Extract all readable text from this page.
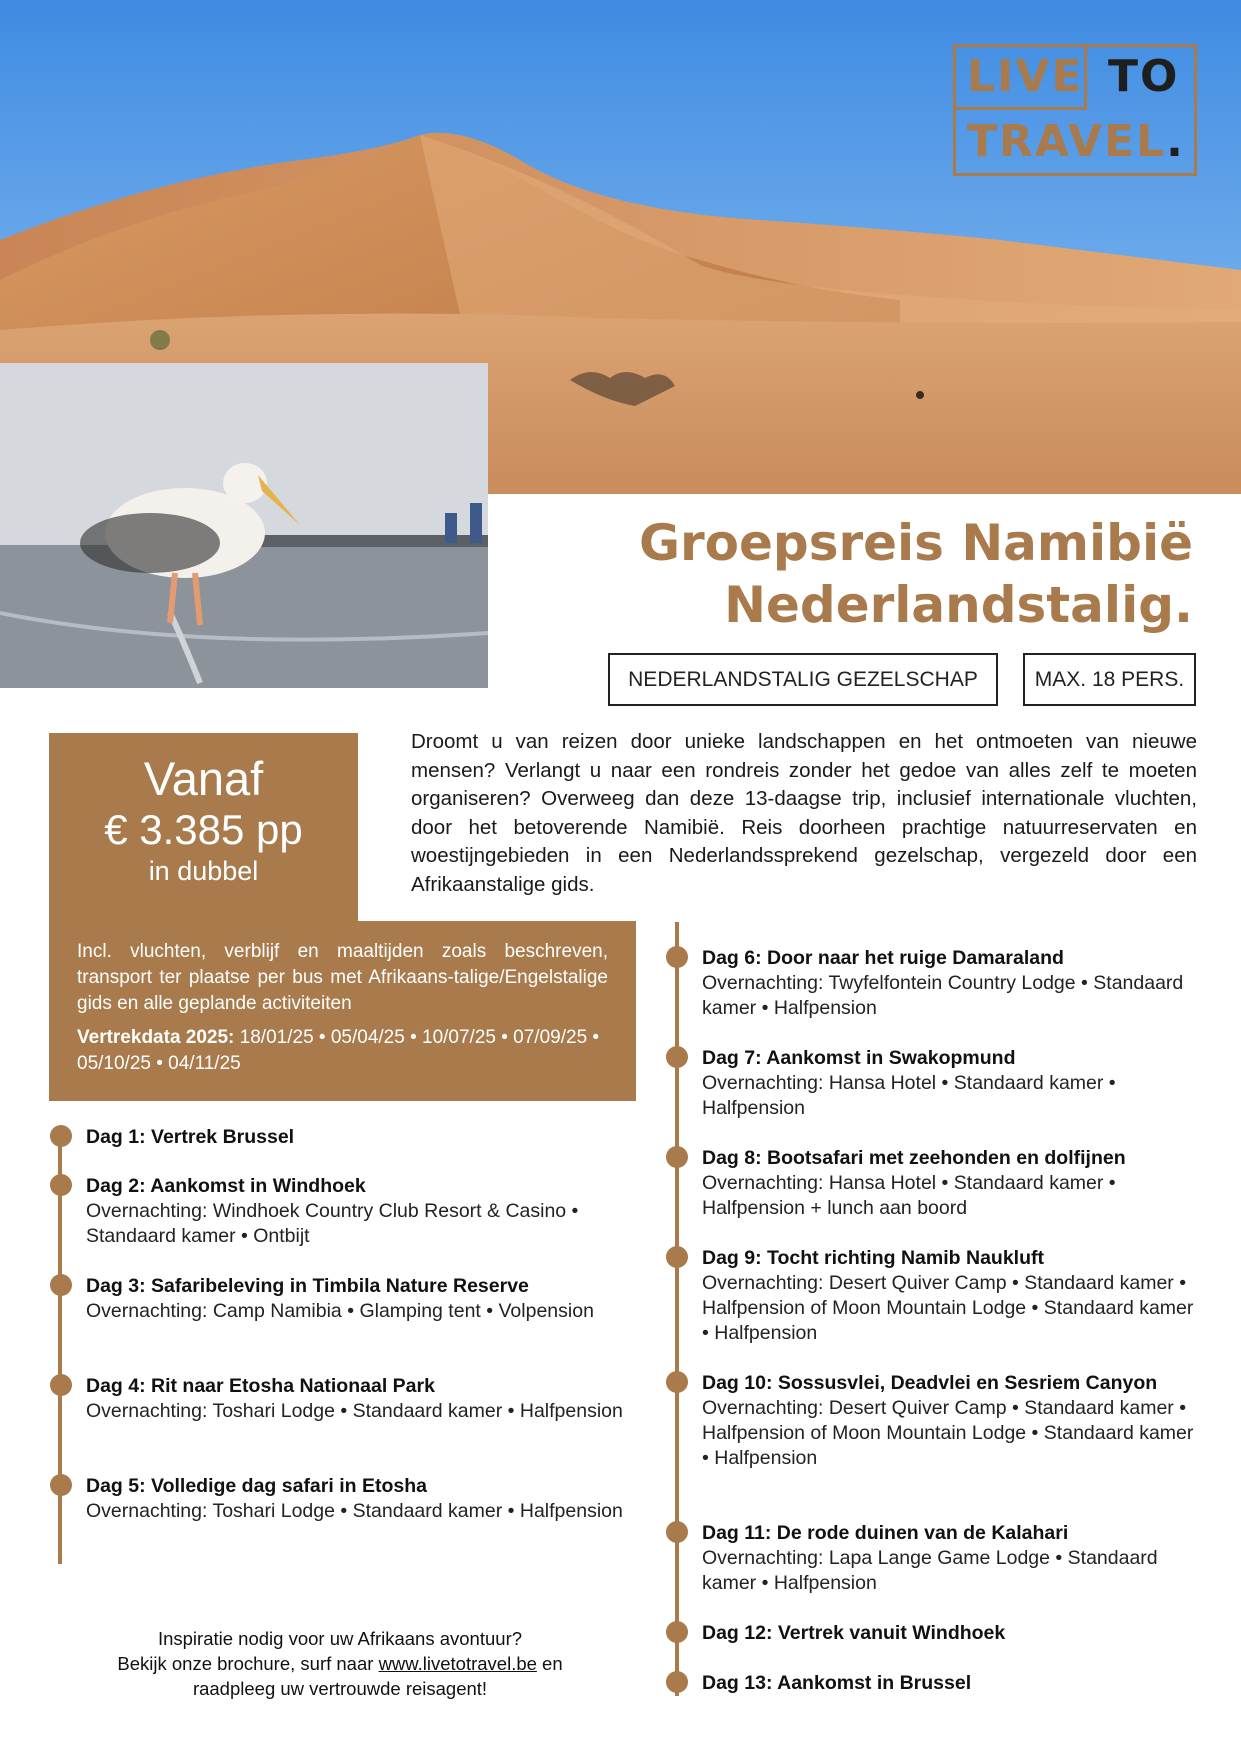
LIVE TO
TRAVEL.
Groepsreis Namibië
Nederlandstalig.
NEDERLANDSTALIG GEZELSCHAP	MAX. 18 PERS.
Vanaf
€ 3.385 pp
in dubbel
Droomt u van reizen door unieke landschappen en het ontmoeten van nieuwe mensen? Verlangt u naar een rondreis zonder het gedoe van alles zelf te moeten organiseren? Overweeg dan deze 13-daagse trip, inclusief internationale vluchten, door het betoverende Namibië. Reis doorheen prachtige natuurreservaten en woestijngebieden in een Nederlandssprekend gezelschap, vergezeld door een Afrikaanstalige gids.
Incl. vluchten, verblijf en maaltijden zoals beschreven, transport ter plaatse per bus met Afrikaans-talige/Engelstalige gids en alle geplande activiteiten
Vertrekdata 2025: 18/01/25 • 05/04/25 • 10/07/25 • 07/09/25 • 05/10/25 • 04/11/25
Dag 1: Vertrek Brussel
Dag 2: Aankomst in Windhoek
Overnachting: Windhoek Country Club Resort & Casino • Standaard kamer • Ontbijt
Dag 3: Safaribeleving in Timbila Nature Reserve
Overnachting: Camp Namibia • Glamping tent • Volpension
Dag 4: Rit naar Etosha Nationaal Park
Overnachting: Toshari Lodge • Standaard kamer • Halfpension
Dag 5: Volledige dag safari in Etosha
Overnachting: Toshari Lodge • Standaard kamer • Halfpension
Dag 6: Door naar het ruige Damaraland
Overnachting: Twyfelfontein Country Lodge • Standaard kamer • Halfpension
Dag 7: Aankomst in Swakopmund
Overnachting: Hansa Hotel • Standaard kamer • Halfpension
Dag 8: Bootsafari met zeehonden en dolfijnen
Overnachting: Hansa Hotel • Standaard kamer • Halfpension + lunch aan boord
Dag 9: Tocht richting Namib Naukluft
Overnachting: Desert Quiver Camp • Standaard kamer • Halfpension of Moon Mountain Lodge • Standaard kamer • Halfpension
Dag 10: Sossusvlei, Deadvlei en Sesriem Canyon
Overnachting: Desert Quiver Camp • Standaard kamer • Halfpension of Moon Mountain Lodge • Standaard kamer • Halfpension
Dag 11: De rode duinen van de Kalahari
Overnachting: Lapa Lange Game Lodge • Standaard kamer • Halfpension
Dag 12: Vertrek vanuit Windhoek
Dag 13: Aankomst in Brussel
Inspiratie nodig voor uw Afrikaans avontuur?
Bekijk onze brochure, surf naar www.livetotravel.be en
raadpleeg uw vertrouwde reisagent!
